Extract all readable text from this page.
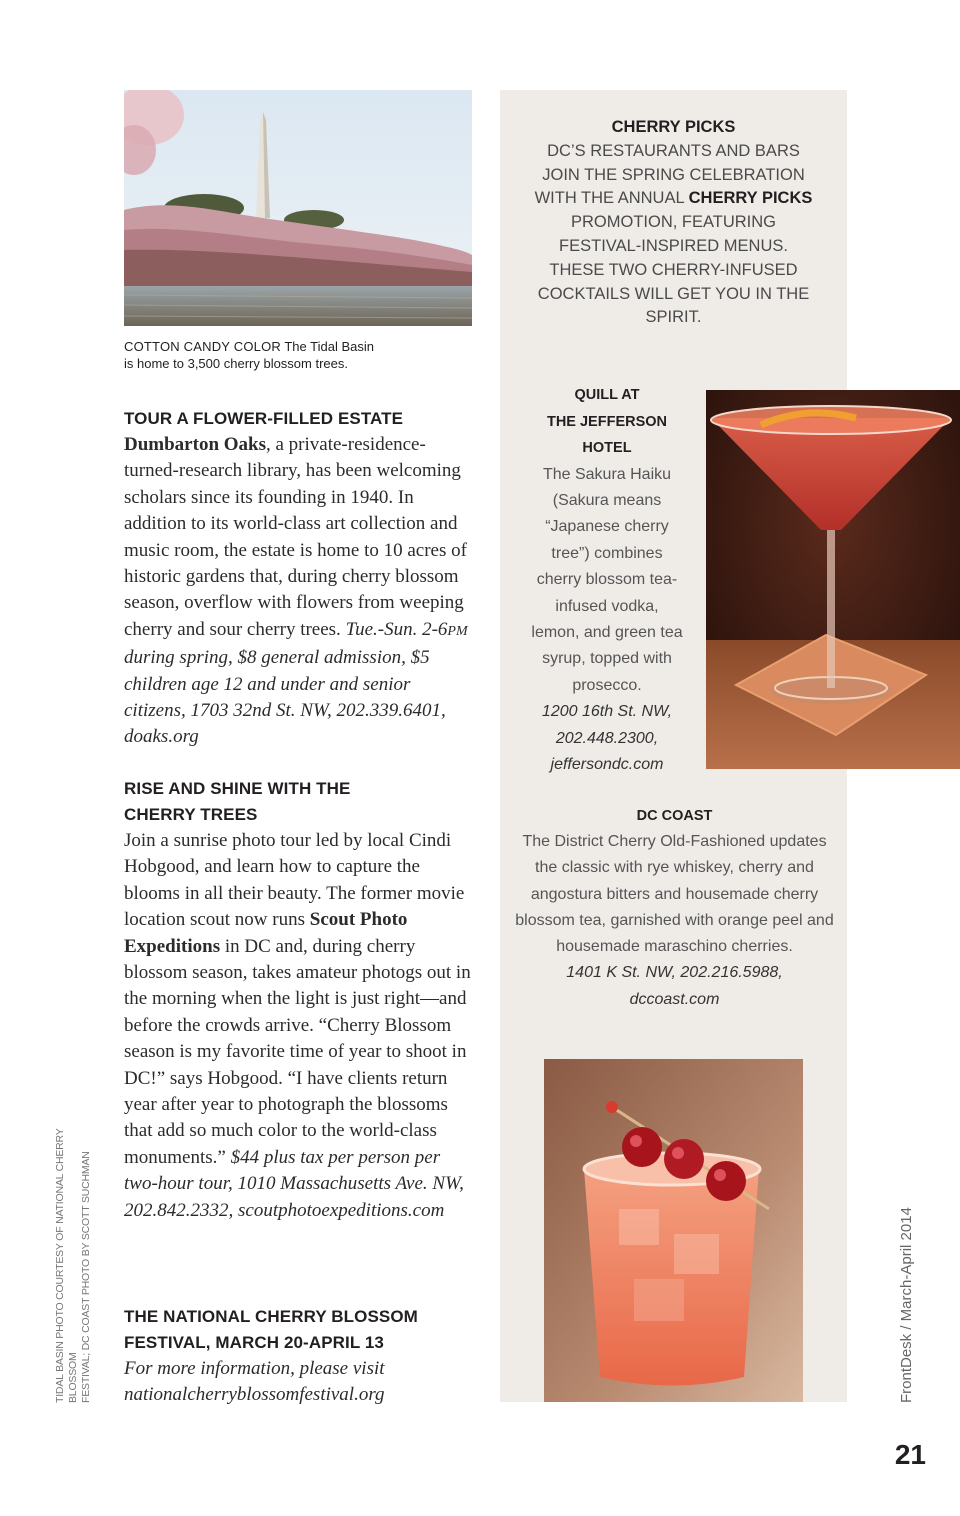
COTTON CANDY COLOR The Tidal Basin
is home to 3,500 cherry blossom trees.

TOUR A FLOWER-FILLED ESTATE

Dumbarton Oaks, a private-residence-turned-research library, has been welcoming scholars since its founding in 1940. In addition to its world-class art collection and music room, the estate is home to 10 acres of historic gardens that, during cherry blossom season, overflow with flowers from weeping cherry and sour cherry trees. Tue.-Sun. 2-6PM during spring, $8 general admission, $5 children age 12 and under and senior citizens, 1703 32nd St. NW, 202.339.6401, doaks.org

RISE AND SHINE WITH THE
CHERRY TREES

Join a sunrise photo tour led by local Cindi Hobgood, and learn how to capture the blooms in all their beauty. The former movie location scout now runs Scout Photo Expeditions in DC and, during cherry blossom season, takes amateur photogs out in the morning when the light is just right—and before the crowds arrive. “Cherry Blossom season is my favorite time of year to shoot in DC!” says Hobgood. “I have clients return year after year to photograph the blossoms that add so much color to the world-class monuments.” $44 plus tax per person per two-hour tour, 1010 Massachusetts Ave. NW, 202.842.2332, scoutphotoexpeditions.com

THE NATIONAL CHERRY BLOSSOM
FESTIVAL, MARCH 20-APRIL 13

For more information, please visit nationalcherryblossomfestival.org

CHERRY PICKS
DC’S RESTAURANTS AND BARS JOIN THE SPRING CELEBRATION WITH THE ANNUAL CHERRY PICKS PROMOTION, FEATURING FESTIVAL-INSPIRED MENUS. THESE TWO CHERRY-INFUSED COCKTAILS WILL GET YOU IN THE SPIRIT.
QUILL AT
THE JEFFERSON
HOTEL
The Sakura Haiku (Sakura means “Japanese cherry tree”) combines cherry blossom tea-infused vodka, lemon, and green tea syrup, topped with prosecco.
1200 16th St. NW,
202.448.2300,
jeffersondc.com
DC COAST
The District Cherry Old-Fashioned updates the classic with rye whiskey, cherry and angostura bitters and housemade cherry blossom tea, garnished with orange peel and housemade maraschino cherries.
1401 K St. NW, 202.216.5988,
dccoast.com
TIDAL BASIN PHOTO COURTESY OF NATIONAL CHERRY BLOSSOM FESTIVAL; DC COAST PHOTO BY SCOTT SUCHMAN	FrontDesk / March-April 2014
21
